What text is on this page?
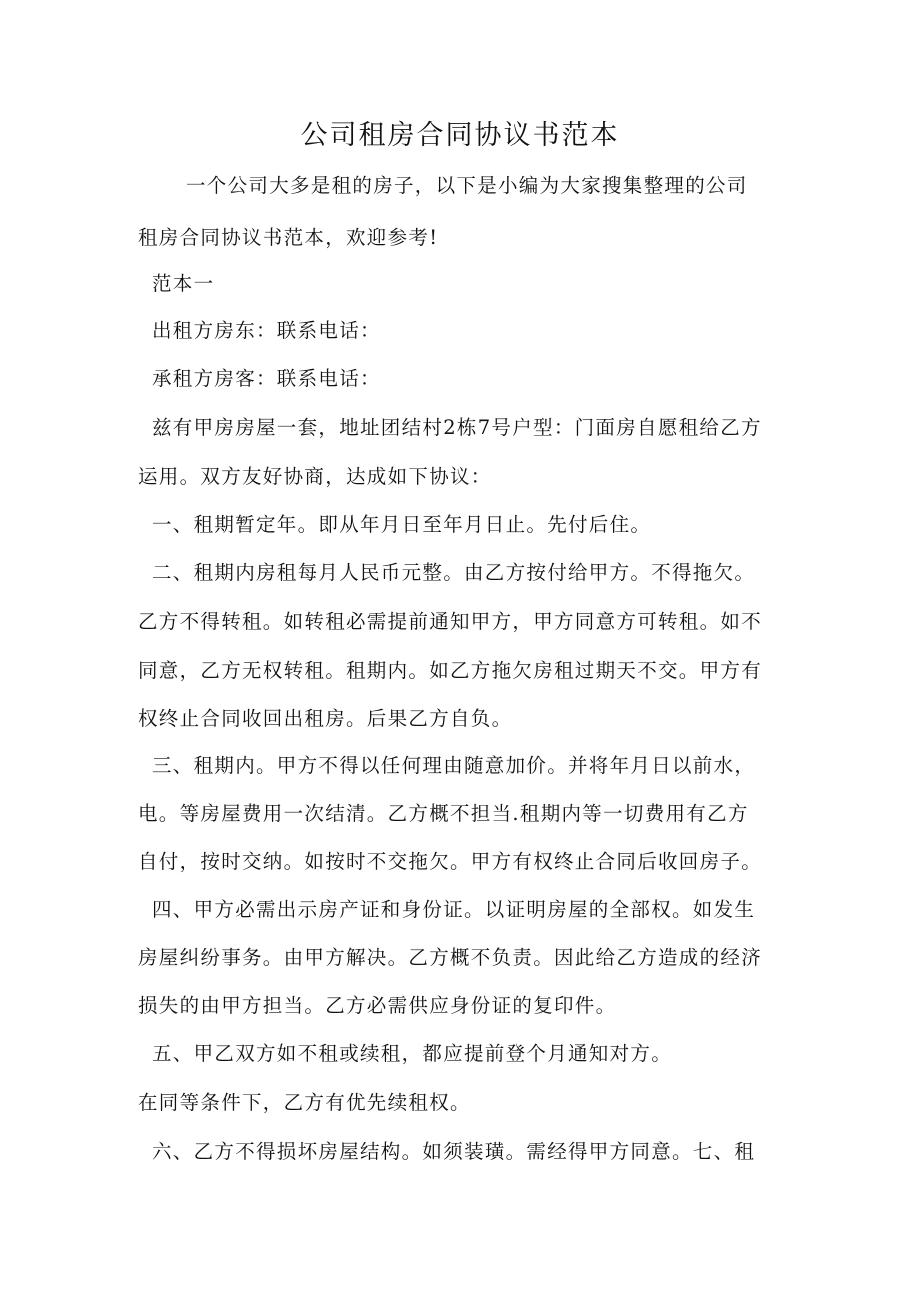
公司租房合同协议书范本
一个公司大多是租的房子，以下是小编为大家搜集整理的公司
租房合同协议书范本，欢迎参考!
范本一
出租方房东：联系电话：
承租方房客：联系电话：
兹有甲房房屋一套，地址团结村2栋7号户型：门面房自愿租给乙方
运用。双方友好协商，达成如下协议：
一、租期暂定年。即从年月日至年月日止。先付后住。
二、租期内房租每月人民币元整。由乙方按付给甲方。不得拖欠。
乙方不得转租。如转租必需提前通知甲方，甲方同意方可转租。如不
同意，乙方无权转租。租期内。如乙方拖欠房租过期天不交。甲方有
权终止合同收回出租房。后果乙方自负。
三、租期内。甲方不得以任何理由随意加价。并将年月日以前水，
电。等房屋费用一次结清。乙方概不担当.租期内等一切费用有乙方
自付，按时交纳。如按时不交拖欠。甲方有权终止合同后收回房子。
四、甲方必需出示房产证和身份证。以证明房屋的全部权。如发生
房屋纠纷事务。由甲方解决。乙方概不负责。因此给乙方造成的经济
损失的由甲方担当。乙方必需供应身份证的复印件。
五、甲乙双方如不租或续租，都应提前登个月通知对方。
在同等条件下，乙方有优先续租权。
六、乙方不得损坏房屋结构。如须装璜。需经得甲方同意。七、租
